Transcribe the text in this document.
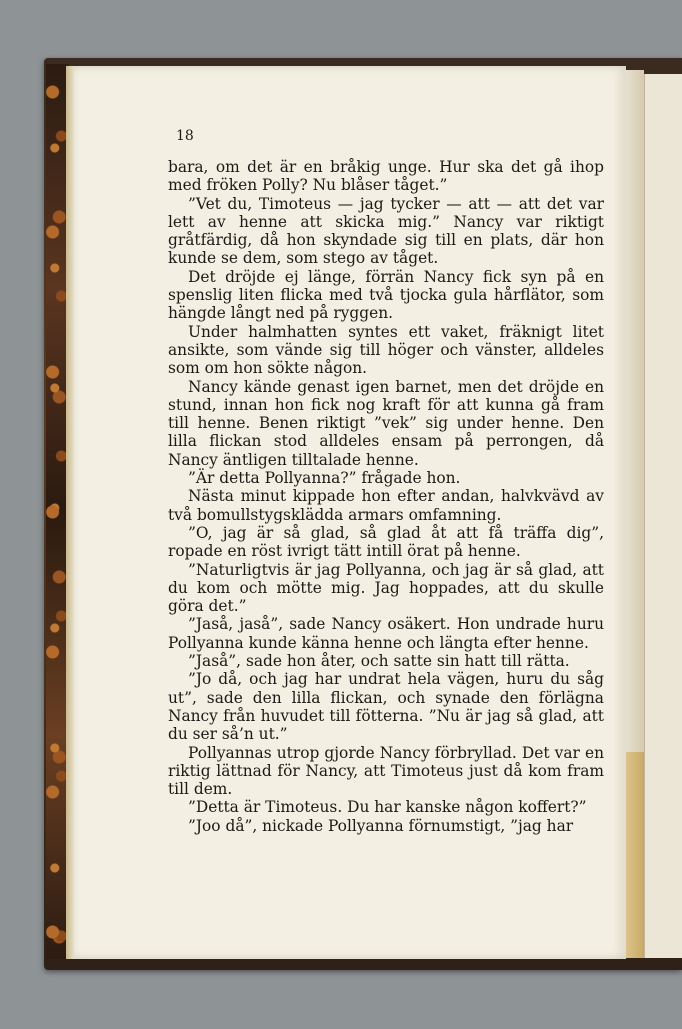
18

bara, om det är en bråkig unge. Hur ska det gå ihop med fröken Polly? Nu blåser tåget.”

”Vet du, Timoteus — jag tycker — att — att det var lett av henne att skicka mig.” Nancy var riktigt gråtfärdig, då hon skyndade sig till en plats, där hon kunde se dem, som stego av tåget.

Det dröjde ej länge, förrän Nancy fick syn på en spenslig liten flicka med två tjocka gula hårflätor, som hängde långt ned på ryggen.

Under halmhatten syntes ett vaket, fräknigt litet ansikte, som vände sig till höger och vänster, alldeles som om hon sökte någon.

Nancy kände genast igen barnet, men det dröjde en stund, innan hon fick nog kraft för att kunna gå fram till henne. Benen riktigt ”vek” sig under henne. Den lilla flickan stod alldeles ensam på perrongen, då Nancy äntligen tilltalade henne.

”Är detta Pollyanna?” frågade hon.

Nästa minut kippade hon efter andan, halvkvävd av två bomullstygsklädda armars omfamning.

”O, jag är så glad, så glad åt att få träffa dig”, ropade en röst ivrigt tätt intill örat på henne.

”Naturligtvis är jag Pollyanna, och jag är så glad, att du kom och mötte mig. Jag hoppades, att du skulle göra det.”

”Jaså, jaså”, sade Nancy osäkert. Hon undrade huru Pollyanna kunde känna henne och längta efter henne.

”Jaså”, sade hon åter, och satte sin hatt till rätta.

”Jo då, och jag har undrat hela vägen, huru du såg ut”, sade den lilla flickan, och synade den förlägna Nancy från huvudet till fötterna. ”Nu är jag så glad, att du ser så’n ut.”

Pollyannas utrop gjorde Nancy förbryllad. Det var en riktig lättnad för Nancy, att Timoteus just då kom fram till dem.

”Detta är Timoteus. Du har kanske någon koffert?”

”Joo då”, nickade Pollyanna förnumstigt, ”jag har
